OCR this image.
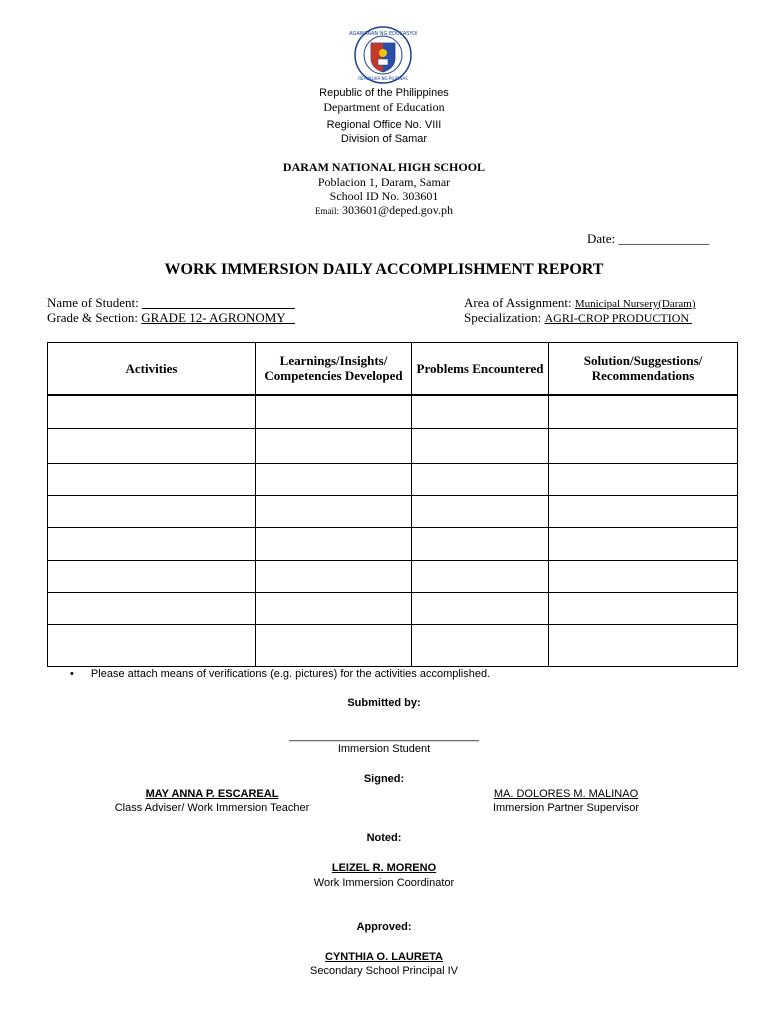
KAGAWARAN NG EDUKASYON
REPUBLIKA NG PILIPINAS
Republic of the Philippines
Department of Education
Regional Office No. VIII
Division of Samar
DARAM NATIONAL HIGH SCHOOL
Poblacion 1, Daram, Samar
School ID No. 303601
Email: 303601@deped.gov.ph
Date: ______________
WORK IMMERSION DAILY ACCOMPLISHMENT REPORT
Name of Student: ______________________ _
Grade & Section: GRADE 12- AGRONOMY
Area of Assignment: Municipal Nursery(Daram)
Specialization: AGRI-CROP PRODUCTION
Activities	Learnings/Insights/ Competencies Developed	Problems Encountered	Solution/Suggestions/ Recommendations

• Please attach means of verifications (e.g. pictures) for the activities accomplished.
Submitted by:
_______________________________
Immersion Student
Signed:
MAY ANNA P. ESCAREAL
Class Adviser/ Work Immersion Teacher
MA. DOLORES M. MALINAO
Immersion Partner Supervisor
Noted:
LEIZEL R. MORENO
Work Immersion Coordinator
Approved:
CYNTHIA O. LAURETA
Secondary School Principal IV
